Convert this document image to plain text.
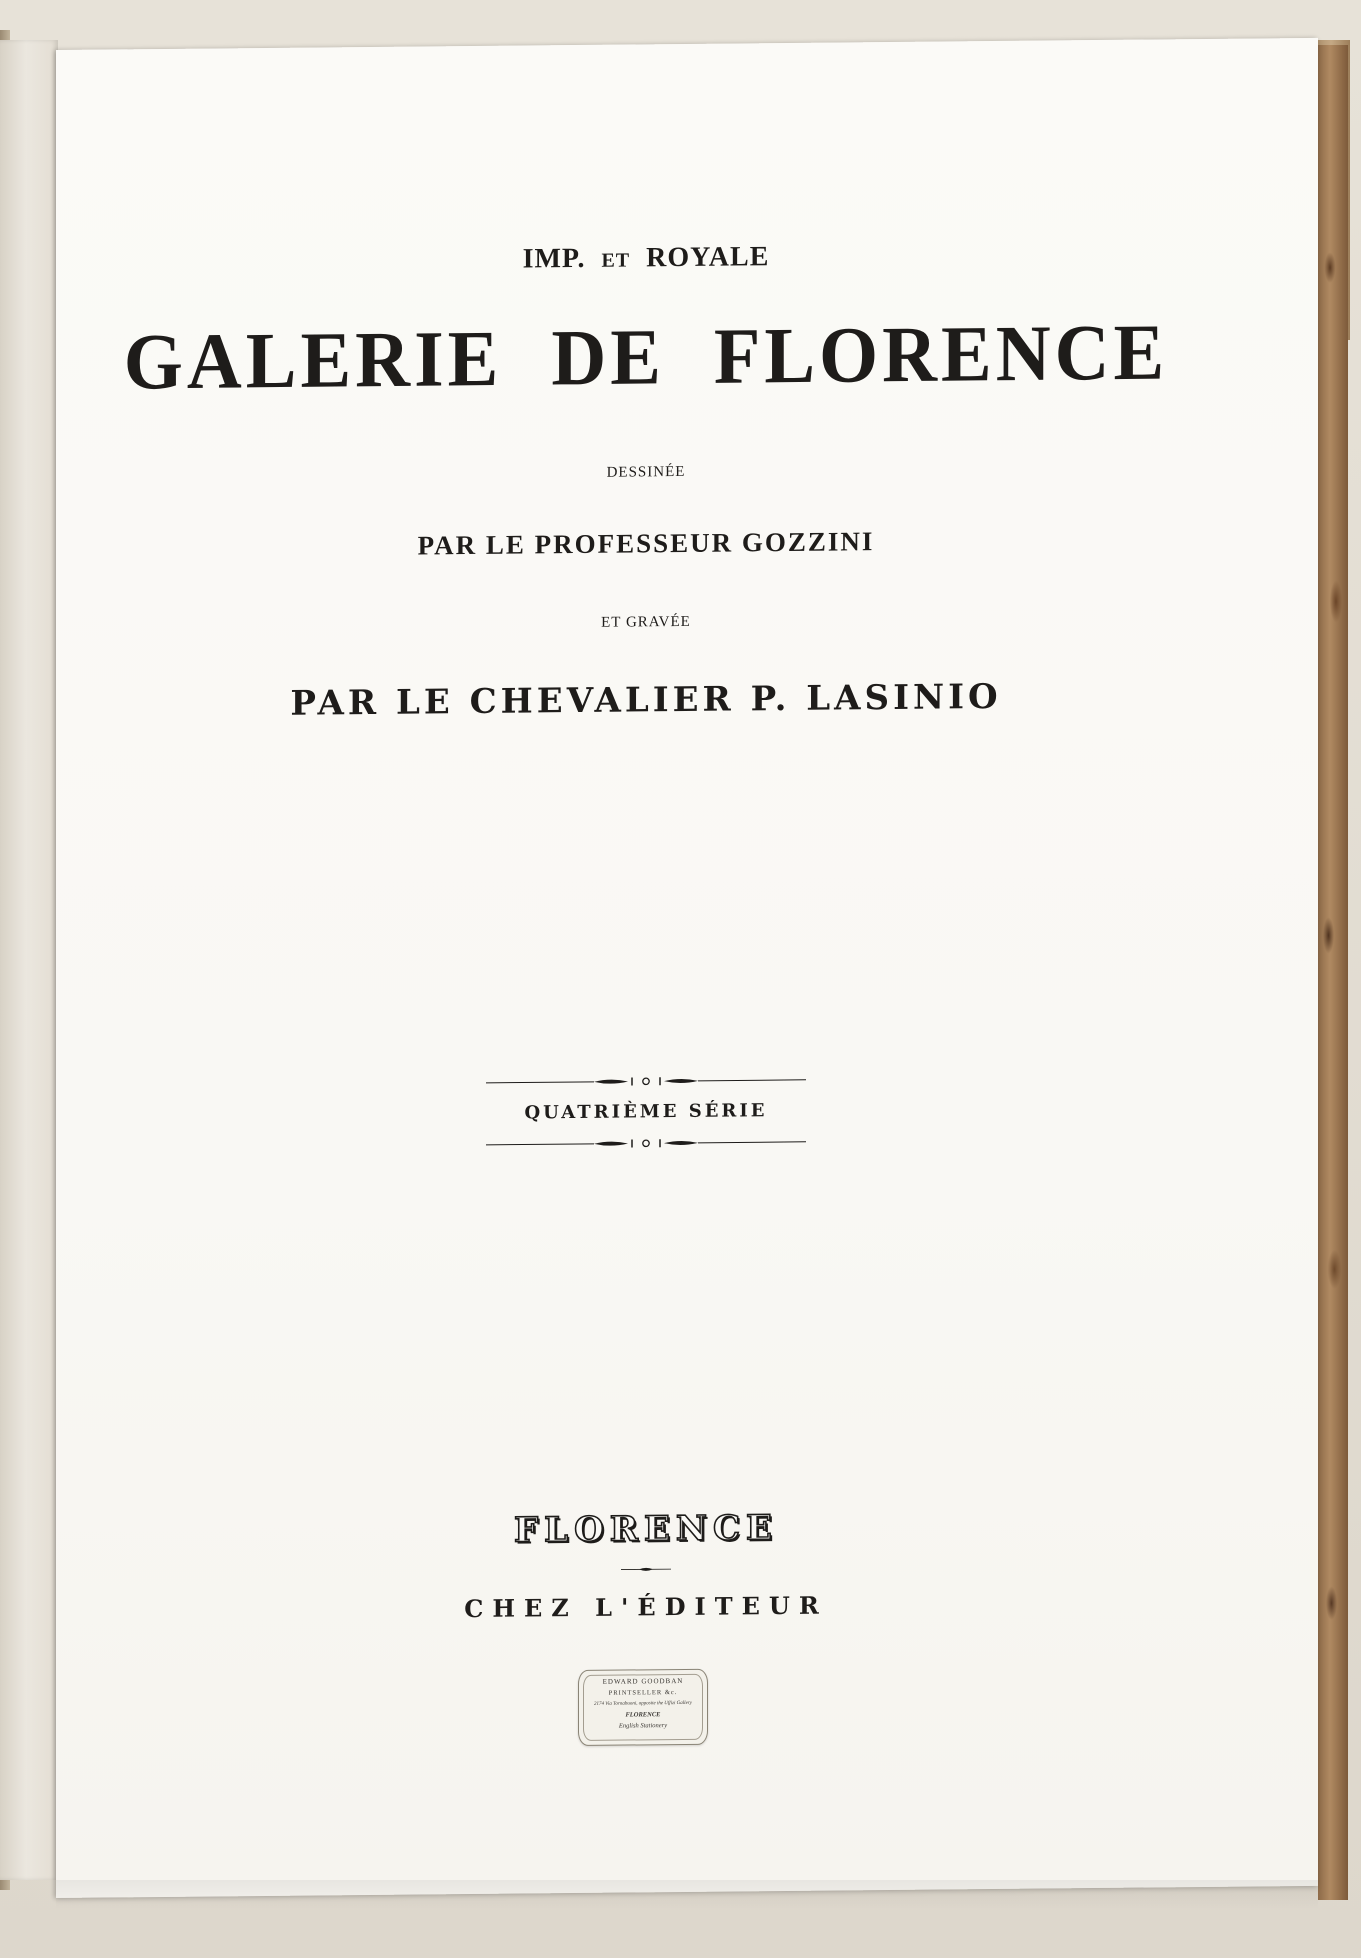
IMP. ET ROYALE
GALERIE DE FLORENCE
DESSINÉE
PAR LE PROFESSEUR GOZZINI
ET GRAVÉE
PAR LE CHEVALIER P. LASINIO
QUATRIÈME SÉRIE
FLORENCE
CHEZ L'ÉDITEUR
EDWARD GOODBAN
PRINTSELLER &c.
2174 Via Tornabuoni, opposite the Uffizi Gallery
FLORENCE
English Stationery
